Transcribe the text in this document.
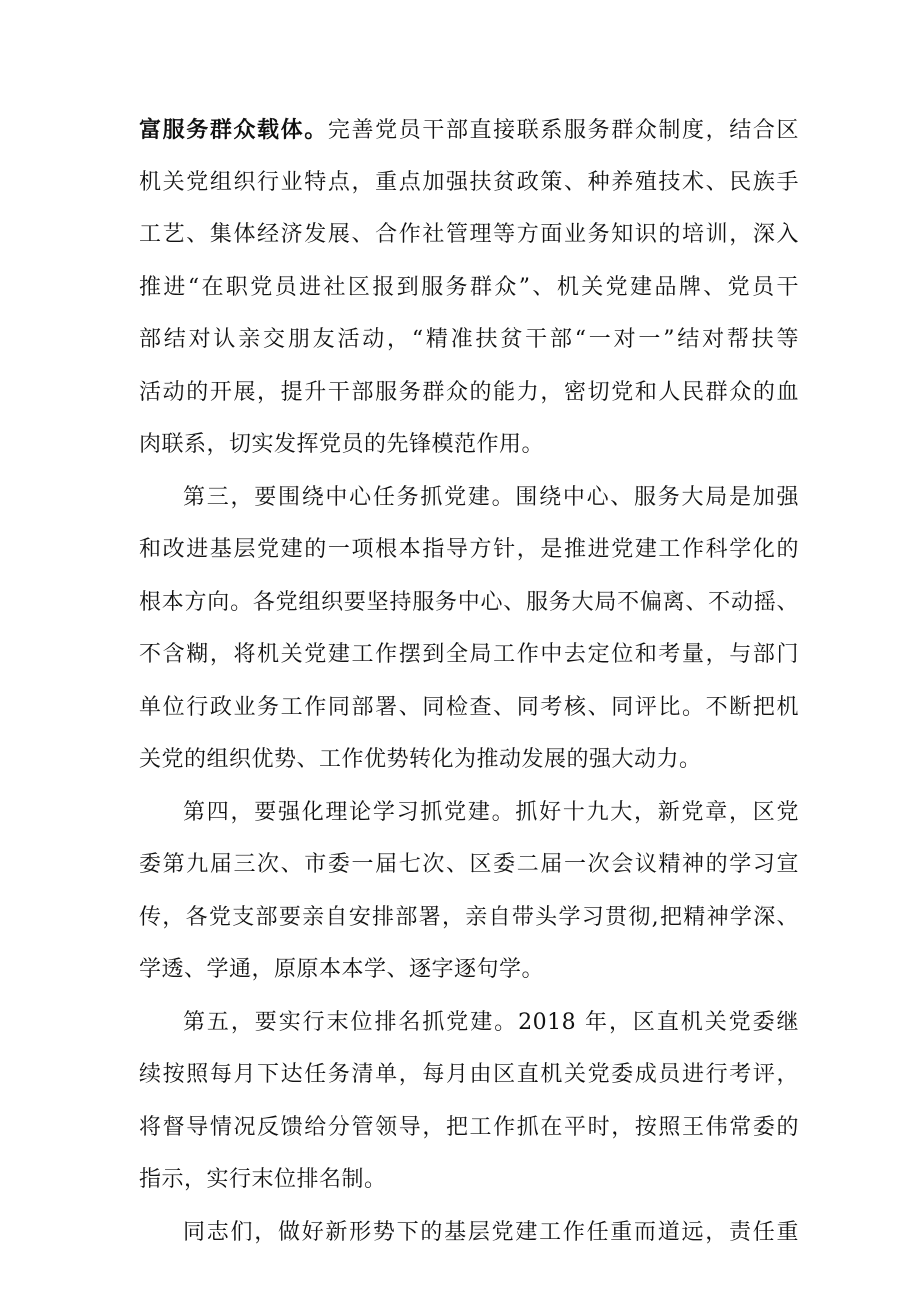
富服务群众载体。完善党员干部直接联系服务群众制度，结合区
机关党组织行业特点，重点加强扶贫政策、种养殖技术、民族手
工艺、集体经济发展、合作社管理等方面业务知识的培训，深入
推进“在职党员进社区报到服务群众”、机关党建品牌、党员干
部结对认亲交朋友活动，“精准扶贫干部“一对一”结对帮扶等
活动的开展，提升干部服务群众的能力，密切党和人民群众的血
肉联系，切实发挥党员的先锋模范作用。
第三，要围绕中心任务抓党建。围绕中心、服务大局是加强
和改进基层党建的一项根本指导方针，是推进党建工作科学化的
根本方向。各党组织要坚持服务中心、服务大局不偏离、不动摇、
不含糊，将机关党建工作摆到全局工作中去定位和考量，与部门
单位行政业务工作同部署、同检查、同考核、同评比。不断把机
关党的组织优势、工作优势转化为推动发展的强大动力。
第四，要强化理论学习抓党建。抓好十九大，新党章，区党
委第九届三次、市委一届七次、区委二届一次会议精神的学习宣
传，各党支部要亲自安排部署，亲自带头学习贯彻,把精神学深、
学透、学通，原原本本学、逐字逐句学。
第五，要实行末位排名抓党建。2018 年，区直机关党委继
续按照每月下达任务清单，每月由区直机关党委成员进行考评，
将督导情况反馈给分管领导，把工作抓在平时，按照王伟常委的
指示，实行末位排名制。
同志们，做好新形势下的基层党建工作任重而道远，责任重
